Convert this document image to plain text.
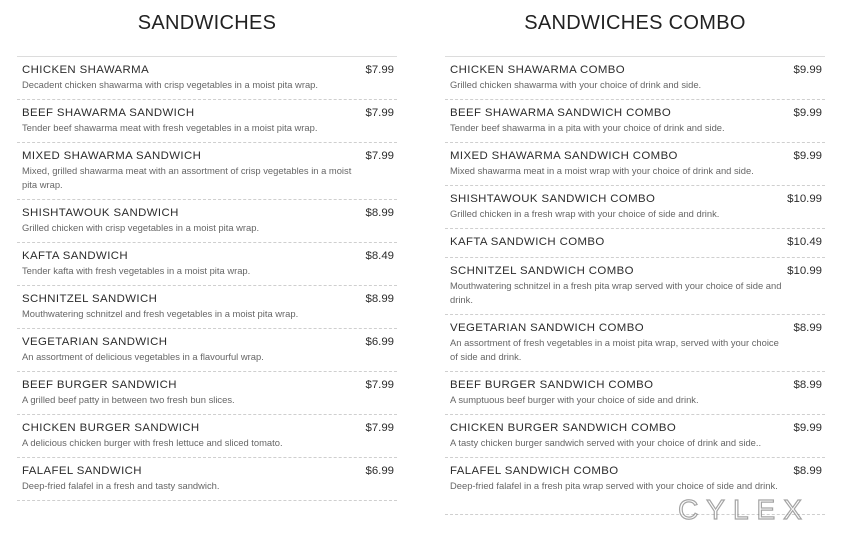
SANDWICHES
CHICKEN SHAWARMA	$7.99
Decadent chicken shawarma with crisp vegetables in a moist pita wrap.
BEEF SHAWARMA SANDWICH	$7.99
Tender beef shawarma meat with fresh vegetables in a moist pita wrap.
MIXED SHAWARMA SANDWICH	$7.99
Mixed, grilled shawarma meat with an assortment of crisp vegetables in a moist pita wrap.
SHISHTAWOUK SANDWICH	$8.99
Grilled chicken with crisp vegetables in a moist pita wrap.
KAFTA SANDWICH	$8.49
Tender kafta with fresh vegetables in a moist pita wrap.
SCHNITZEL SANDWICH	$8.99
Mouthwatering schnitzel and fresh vegetables in a moist pita wrap.
VEGETARIAN SANDWICH	$6.99
An assortment of delicious vegetables in a flavourful wrap.
BEEF BURGER SANDWICH	$7.99
A grilled beef patty in between two fresh bun slices.
CHICKEN BURGER SANDWICH	$7.99
A delicious chicken burger with fresh lettuce and sliced tomato.
FALAFEL SANDWICH	$6.99
Deep-fried falafel in a fresh and tasty sandwich.
SANDWICHES COMBO
CHICKEN SHAWARMA COMBO	$9.99
Grilled chicken shawarma with your choice of drink and side.
BEEF SHAWARMA SANDWICH COMBO	$9.99
Tender beef shawarma in a pita with your choice of drink and side.
MIXED SHAWARMA SANDWICH COMBO	$9.99
Mixed shawarma meat in a moist wrap with your choice of drink and side.
SHISHTAWOUK SANDWICH COMBO	$10.99
Grilled chicken in a fresh wrap with your choice of side and drink.
KAFTA SANDWICH COMBO	$10.49
SCHNITZEL SANDWICH COMBO	$10.99
Mouthwatering schnitzel in a fresh pita wrap served with your choice of side and drink.
VEGETARIAN SANDWICH COMBO	$8.99
An assortment of fresh vegetables in a moist pita wrap, served with your choice of side and drink.
BEEF BURGER SANDWICH COMBO	$8.99
A sumptuous beef burger with your choice of side and drink.
CHICKEN BURGER SANDWICH COMBO	$9.99
A tasty chicken burger sandwich served with your choice of drink and side..
FALAFEL SANDWICH COMBO	$8.99
Deep-fried falafel in a fresh pita wrap served with your choice of side and drink.
CYLEX
